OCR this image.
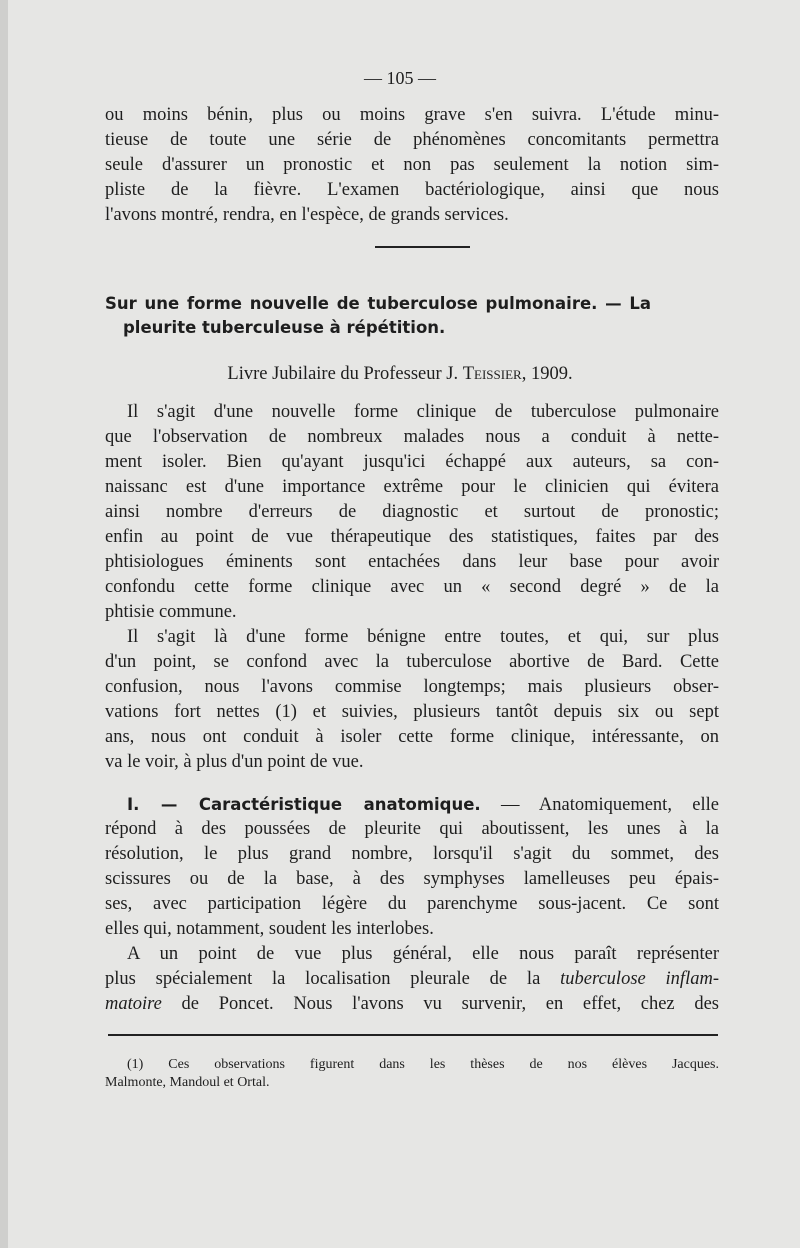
— 105 —
ou moins bénin, plus ou moins grave s'en suivra. L'étude minu-
tieuse de toute une série de phénomènes concomitants permettra
seule d'assurer un pronostic et non pas seulement la notion sim-
pliste de la fièvre. L'examen bactériologique, ainsi que nous
l'avons montré, rendra, en l'espèce, de grands services.
Sur une forme nouvelle de tuberculose pulmonaire. — La
pleurite tuberculeuse à répétition.
Livre Jubilaire du Professeur J. Teissier, 1909.
Il s'agit d'une nouvelle forme clinique de tuberculose pulmonaire
que l'observation de nombreux malades nous a conduit à nette-
ment isoler. Bien qu'ayant jusqu'ici échappé aux auteurs, sa con-
naissanc est d'une importance extrême pour le clinicien qui évitera
ainsi nombre d'erreurs de diagnostic et surtout de pronostic;
enfin au point de vue thérapeutique des statistiques, faites par des
phtisiologues éminents sont entachées dans leur base pour avoir
confondu cette forme clinique avec un « second degré » de la
phtisie commune.
Il s'agit là d'une forme bénigne entre toutes, et qui, sur plus
d'un point, se confond avec la tuberculose abortive de Bard. Cette
confusion, nous l'avons commise longtemps; mais plusieurs obser-
vations fort nettes (1) et suivies, plusieurs tantôt depuis six ou sept
ans, nous ont conduit à isoler cette forme clinique, intéressante, on
va le voir, à plus d'un point de vue.
I. — Caractéristique anatomique. — Anatomiquement, elle
répond à des poussées de pleurite qui aboutissent, les unes à la
résolution, le plus grand nombre, lorsqu'il s'agit du sommet, des
scissures ou de la base, à des symphyses lamelleuses peu épais-
ses, avec participation légère du parenchyme sous-jacent. Ce sont
elles qui, notamment, soudent les interlobes.
A un point de vue plus général, elle nous paraît représenter
plus spécialement la localisation pleurale de la tuberculose inflam-
matoire de Poncet. Nous l'avons vu survenir, en effet, chez des
(1) Ces observations figurent dans les thèses de nos élèves Jacques.
Malmonte, Mandoul et Ortal.
